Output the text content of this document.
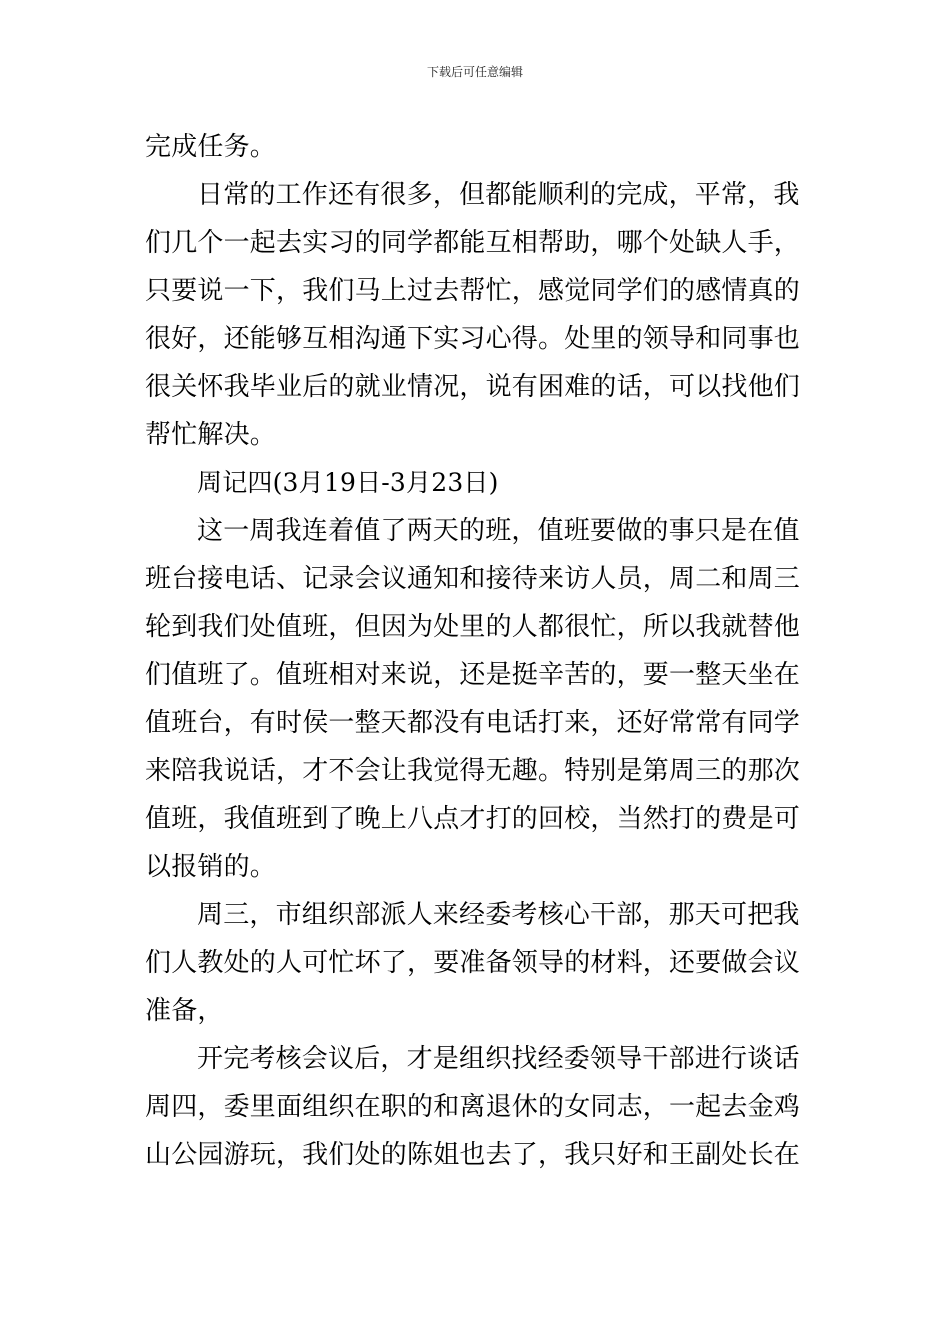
下载后可任意编辑
完成任务。
日常的工作还有很多，但都能顺利的完成，平常，我
们几个一起去实习的同学都能互相帮助，哪个处缺人手，
只要说一下，我们马上过去帮忙，感觉同学们的感情真的
很好，还能够互相沟通下实习心得。处里的领导和同事也
很关怀我毕业后的就业情况，说有困难的话，可以找他们
帮忙解决。
周记四(3月19日-3月23日)
这一周我连着值了两天的班，值班要做的事只是在值
班台接电话、记录会议通知和接待来访人员，周二和周三
轮到我们处值班，但因为处里的人都很忙，所以我就替他
们值班了。值班相对来说，还是挺辛苦的，要一整天坐在
值班台，有时侯一整天都没有电话打来，还好常常有同学
来陪我说话，才不会让我觉得无趣。特别是第周三的那次
值班，我值班到了晚上八点才打的回校，当然打的费是可
以报销的。
周三，市组织部派人来经委考核心干部，那天可把我
们人教处的人可忙坏了，要准备领导的材料，还要做会议
准备，
开完考核会议后，才是组织找经委领导干部进行谈话
周四，委里面组织在职的和离退休的女同志，一起去金鸡
山公园游玩，我们处的陈姐也去了，我只好和王副处长在
